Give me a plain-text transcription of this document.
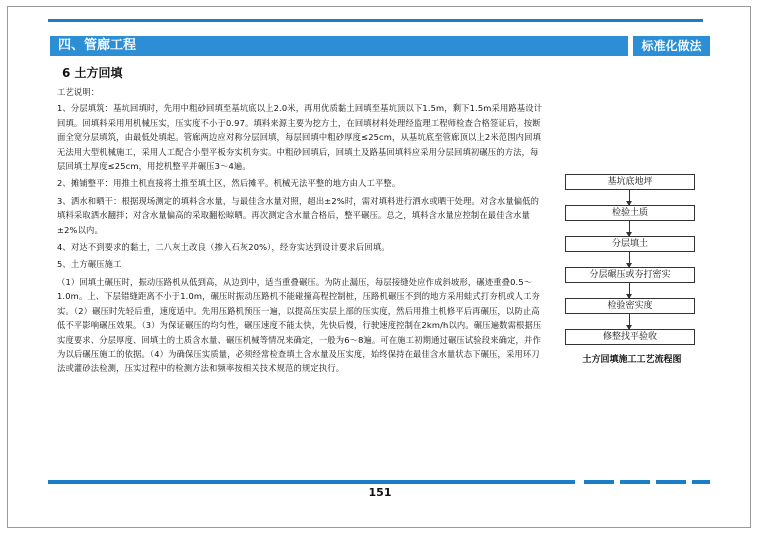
四、管廊工程	标准化做法
6 土方回填

工艺说明：

1、分层填筑：基坑回填时，先用中粗砂回填至基坑底以上2.0米，再用优质黏土回填至基坑顶以下1.5m，剩下1.5m采用路基设计回填。回填料采用用机械压实，压实度不小于0.97。填料来源主要为挖方土，在回填材料处理经监理工程师检查合格签证后，按断面全宽分层填筑，由最低处填起。管廊两边应对称分层回填，每层回填中粗砂厚度≤25cm，从基坑底至管廊顶以上2米范围内回填无法用大型机械施工，采用人工配合小型平板夯实机夯实。中粗砂回填后，回填土及路基回填料应采用分层回填初碾压的方法，每层回填土厚度≤25cm，用挖机整平并碾压3～4遍。

2、摊铺整平：用推土机直接将土推至填土区，然后摊平。机械无法平整的地方由人工平整。

3、洒水和晒干：根据现场测定的填料含水量，与最佳含水量对照，超出±2%时，需对填料进行洒水或晒干处理。对含水量偏低的填料采取洒水翻拌；对含水量偏高的采取翻松晾晒。再次测定含水量合格后，整平碾压。总之，填料含水量应控制在最佳含水量±2%以内。

4、对达不到要求的黏土，二八灰土改良（掺入石灰20%），经夯实达到设计要求后回填。

5、土方碾压施工

（1）回填土碾压时，振动压路机从低到高，从边到中，适当重叠碾压。为防止漏压，每层接缝处应作成斜坡形，碾迹重叠0.5～1.0m。上、下层错缝距离不小于1.0m，碾压时振动压路机不能碰撞高程控制桩，压路机碾压不到的地方采用蛙式打夯机或人工夯实。（2）碾压时先轻后重，速度适中。先用压路机预压一遍，以提高压实层上部的压实度，然后用推土机修平后再碾压，以防止高低不平影响碾压效果。（3）为保证碾压的均匀性，碾压速度不能太快，先快后慢，行驶速度控制在2km/h以内。碾压遍数需根据压实度要求、分层厚度、回填土的土质含水量、碾压机械等情况来确定，一般为6～8遍。可在施工初期通过碾压试验段来确定，并作为以后碾压施工的依据。（4）为确保压实质量，必须经常检查填土含水量及压实度，始终保持在最佳含水量状态下碾压，采用环刀法或灌砂法检测，压实过程中的检测方法和频率按相关技术规范的规定执行。

基坑底地坪
检验土质
分层填土
分层碾压或夯打密实
检验密实度
修整找平验收
土方回填施工工艺流程图
151
